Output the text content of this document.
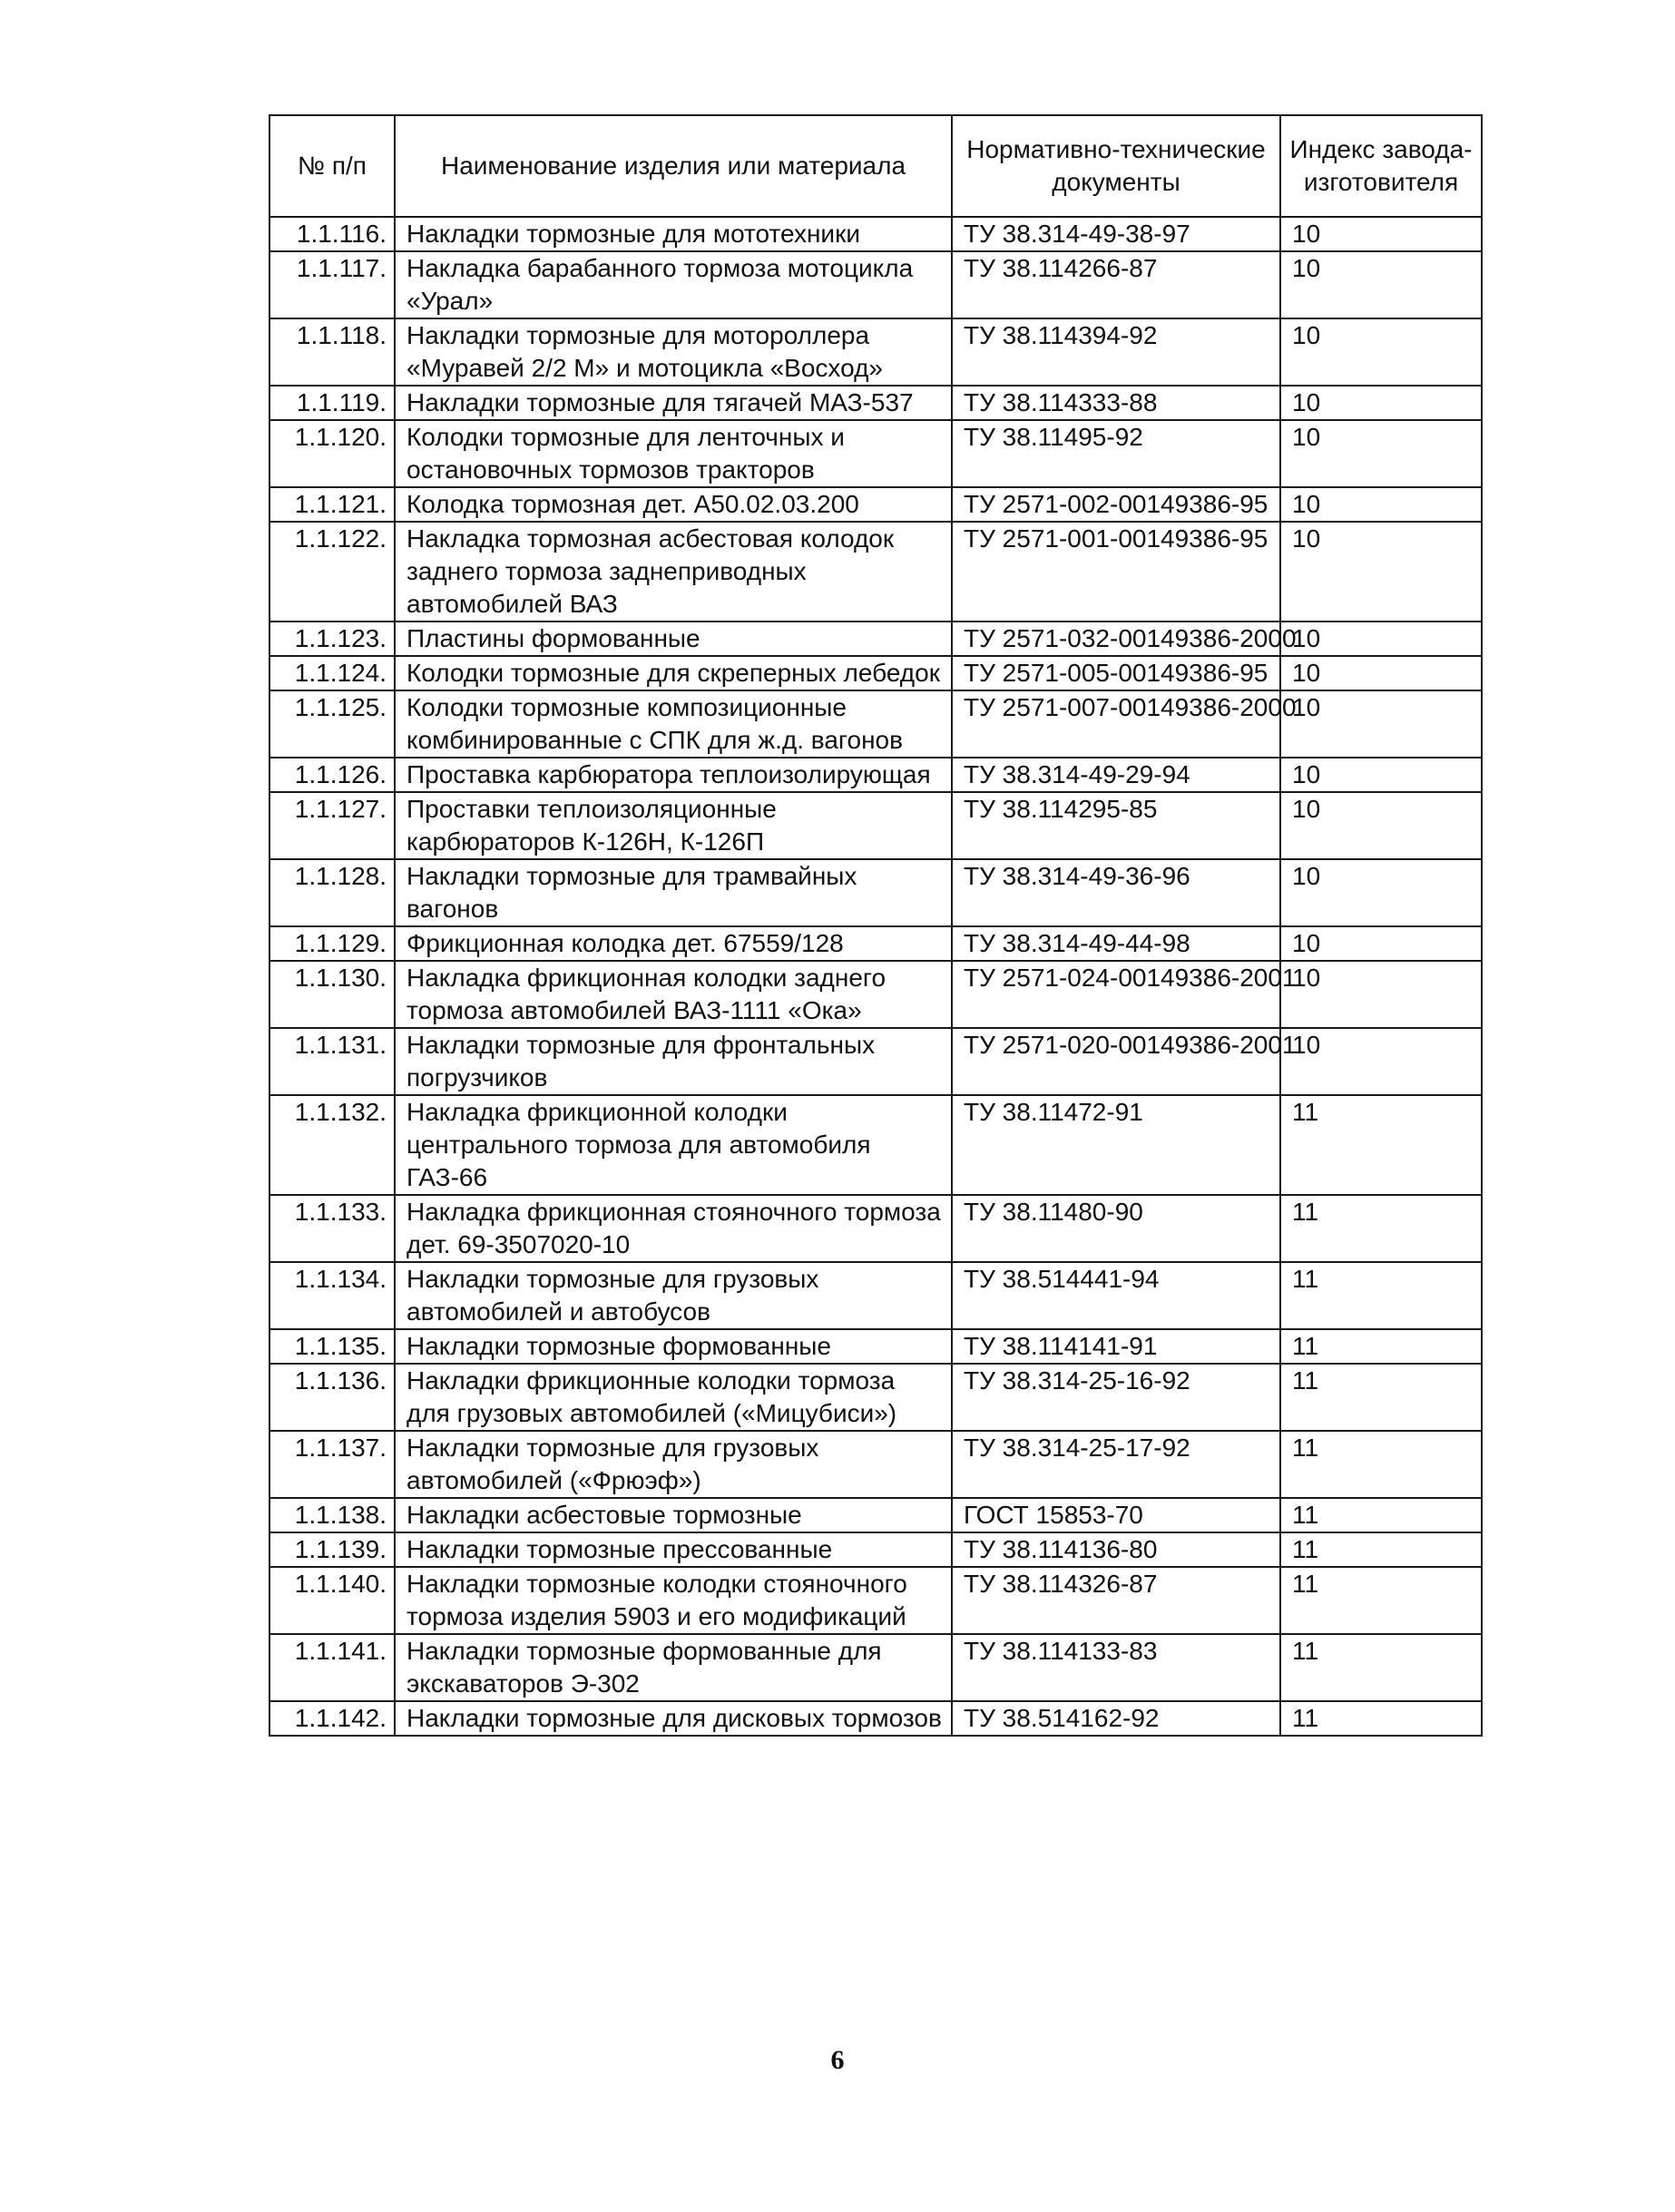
№ п/п	Наименование изделия или материала	Нормативно-технические документы	Индекс завода-изготовителя
1.1.116.	Накладки тормозные для мототехники	ТУ 38.314-49-38-97	10
1.1.117.	Накладка барабанного тормоза мотоцикла «Урал»	ТУ 38.114266-87	10
1.1.118.	Накладки тормозные для мотороллера «Муравей 2/2 М» и мотоцикла «Восход»	ТУ 38.114394-92	10
1.1.119.	Накладки тормозные для тягачей МАЗ-537	ТУ 38.114333-88	10
1.1.120.	Колодки тормозные для ленточных и остановочных тормозов тракторов	ТУ 38.11495-92	10
1.1.121.	Колодка тормозная дет. А50.02.03.200	ТУ 2571-002-00149386-95	10
1.1.122.	Накладка тормозная асбестовая колодок заднего тормоза заднеприводных автомобилей ВАЗ	ТУ 2571-001-00149386-95	10
1.1.123.	Пластины формованные	ТУ 2571-032-00149386-2000	10
1.1.124.	Колодки тормозные для скреперных лебедок	ТУ 2571-005-00149386-95	10
1.1.125.	Колодки тормозные композиционные комбинированные с СПК для ж.д. вагонов	ТУ 2571-007-00149386-2000	10
1.1.126.	Проставка карбюратора теплоизолирующая	ТУ 38.314-49-29-94	10
1.1.127.	Проставки теплоизоляционные карбюраторов К-126Н, К-126П	ТУ 38.114295-85	10
1.1.128.	Накладки тормозные для трамвайных вагонов	ТУ 38.314-49-36-96	10
1.1.129.	Фрикционная колодка дет. 67559/128	ТУ 38.314-49-44-98	10
1.1.130.	Накладка фрикционная колодки заднего тормоза автомобилей ВАЗ-1111 «Ока»	ТУ 2571-024-00149386-2001	10
1.1.131.	Накладки тормозные для фронтальных погрузчиков	ТУ 2571-020-00149386-2001	10
1.1.132.	Накладка фрикционной колодки центрального тормоза для автомобиля ГАЗ-66	ТУ 38.11472-91	11
1.1.133.	Накладка фрикционная стояночного тормоза дет. 69-3507020-10	ТУ 38.11480-90	11
1.1.134.	Накладки тормозные для грузовых автомобилей и автобусов	ТУ 38.514441-94	11
1.1.135.	Накладки тормозные формованные	ТУ 38.114141-91	11
1.1.136.	Накладки фрикционные колодки тормоза для грузовых автомобилей («Мицубиси»)	ТУ 38.314-25-16-92	11
1.1.137.	Накладки тормозные для грузовых автомобилей («Фрюэф»)	ТУ 38.314-25-17-92	11
1.1.138.	Накладки асбестовые тормозные	ГОСТ 15853-70	11
1.1.139.	Накладки тормозные прессованные	ТУ 38.114136-80	11
1.1.140.	Накладки тормозные колодки стояночного тормоза изделия 5903 и его модификаций	ТУ 38.114326-87	11
1.1.141.	Накладки тормозные формованные для экскаваторов Э-302	ТУ 38.114133-83	11
1.1.142.	Накладки тормозные для дисковых тормозов	ТУ 38.514162-92	11
6
